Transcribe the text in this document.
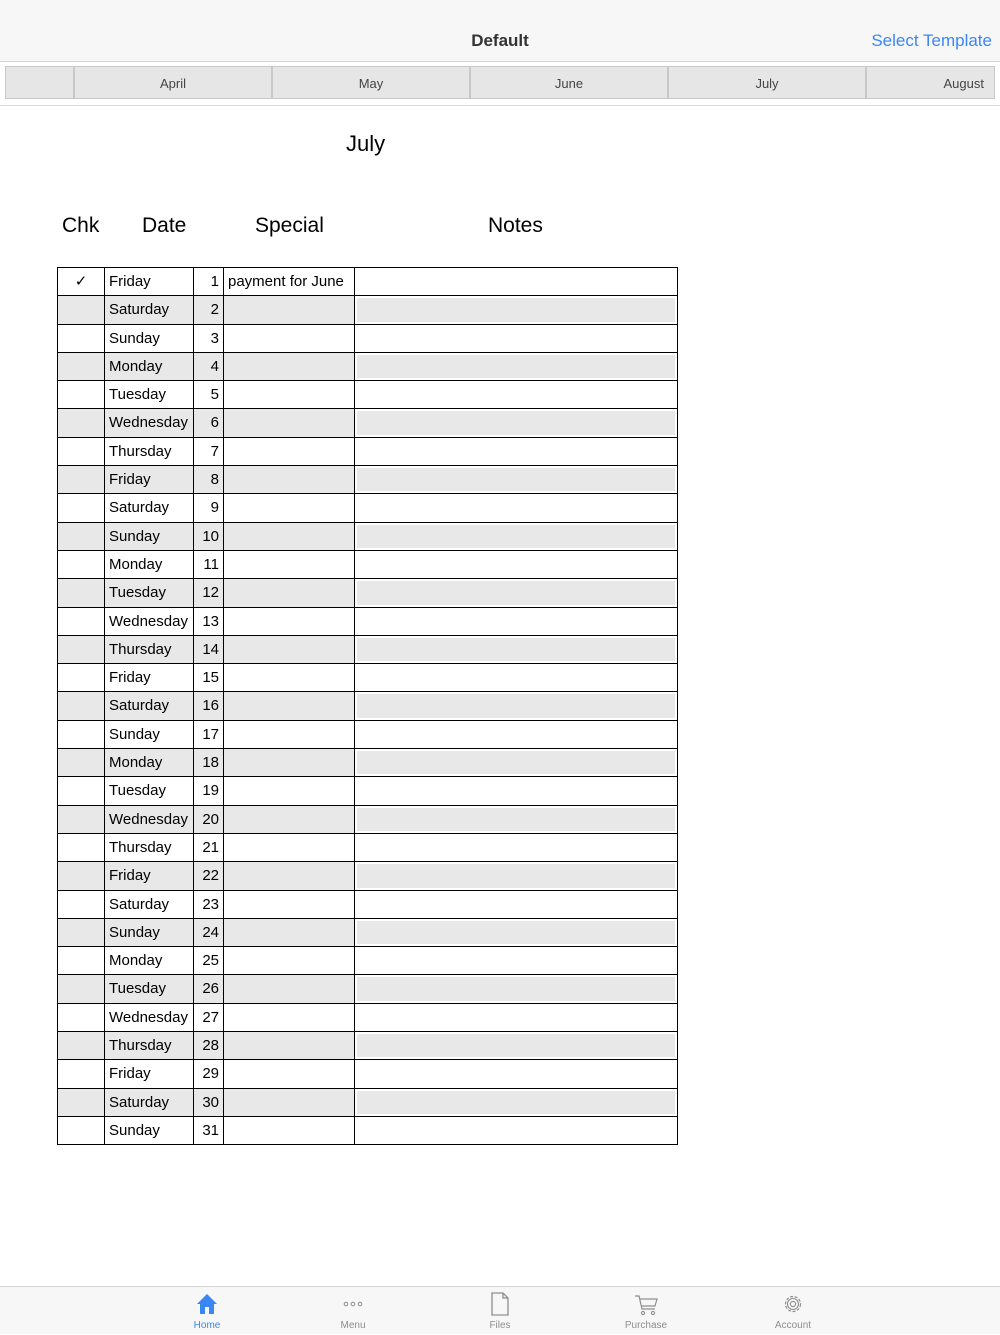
Default	Select Template
April	May	June	July	August
July
Chk Date	Special	Notes
✓	Friday	1 payment for June
Saturday	2
Sunday	3
Monday	4
Tuesday	5
Wednesday	6
Thursday	7
Friday	8
Saturday	9
Sunday	10
Monday	11
Tuesday	12
Wednesday 13
Thursday	14
Friday	15
Saturday	16
Sunday	17
Monday	18
Tuesday	19
Wednesday 20
Thursday	21
Friday	22
Saturday	23
Sunday	24
Monday	25
Tuesday	26
Wednesday 27
Thursday	28
Friday	29
Saturday	30
Sunday	31
Home	Menu	Files	Purchase	Account
